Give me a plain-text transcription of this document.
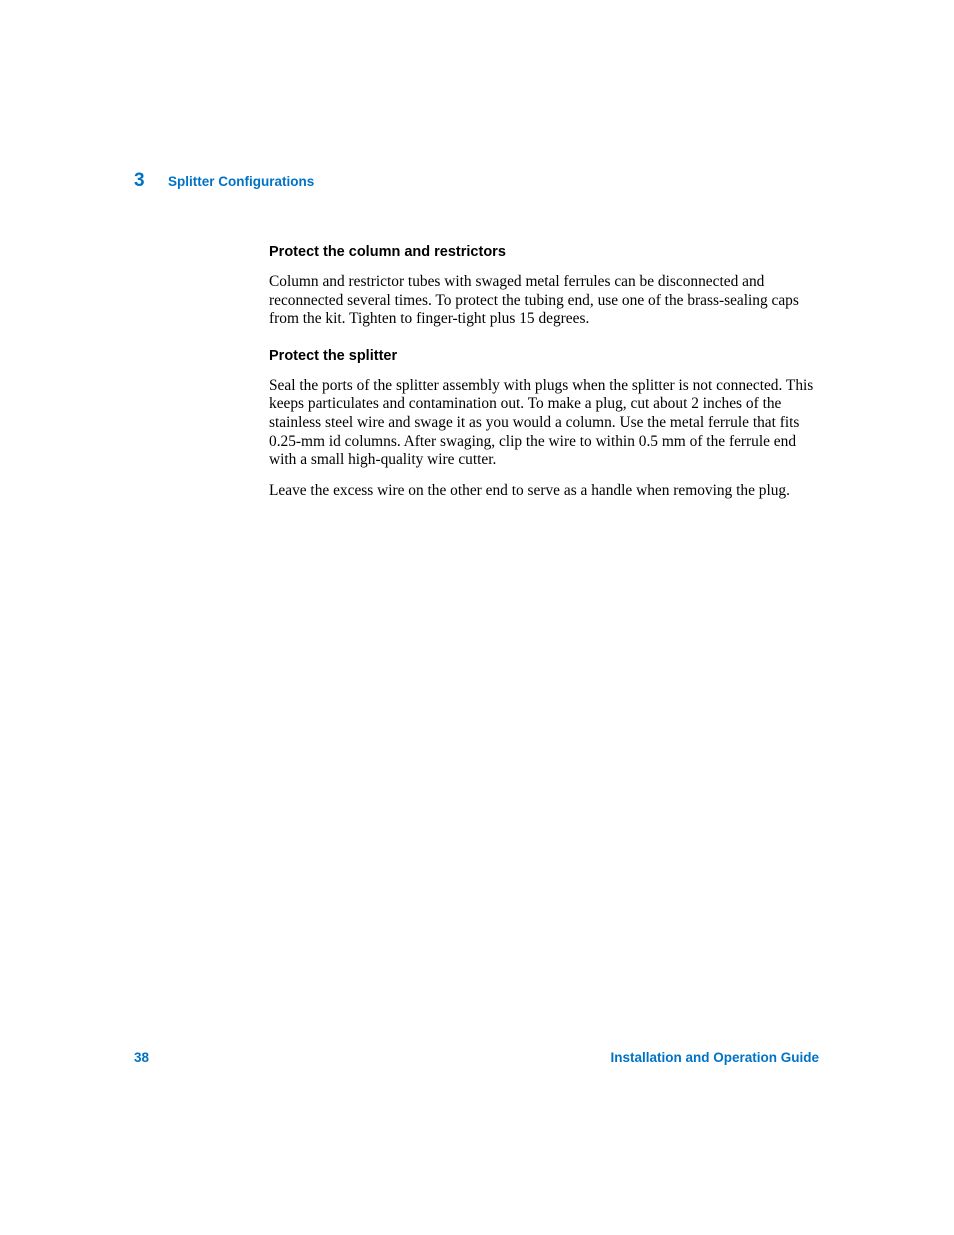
3	Splitter Configurations
Protect the column and restrictors

Column and restrictor tubes with swaged metal ferrules can be disconnected and reconnected several times. To protect the tubing end, use one of the brass-sealing caps from the kit. Tighten to finger-tight plus 15 degrees.

Protect the splitter

Seal the ports of the splitter assembly with plugs when the splitter is not connected. This keeps particulates and contamination out. To make a plug, cut about 2 inches of the stainless steel wire and swage it as you would a column. Use the metal ferrule that fits 0.25-mm id columns. After swaging, clip the wire to within 0.5 mm of the ferrule end with a small high-quality wire cutter.

Leave the excess wire on the other end to serve as a handle when removing the plug.

38	Installation and Operation Guide
